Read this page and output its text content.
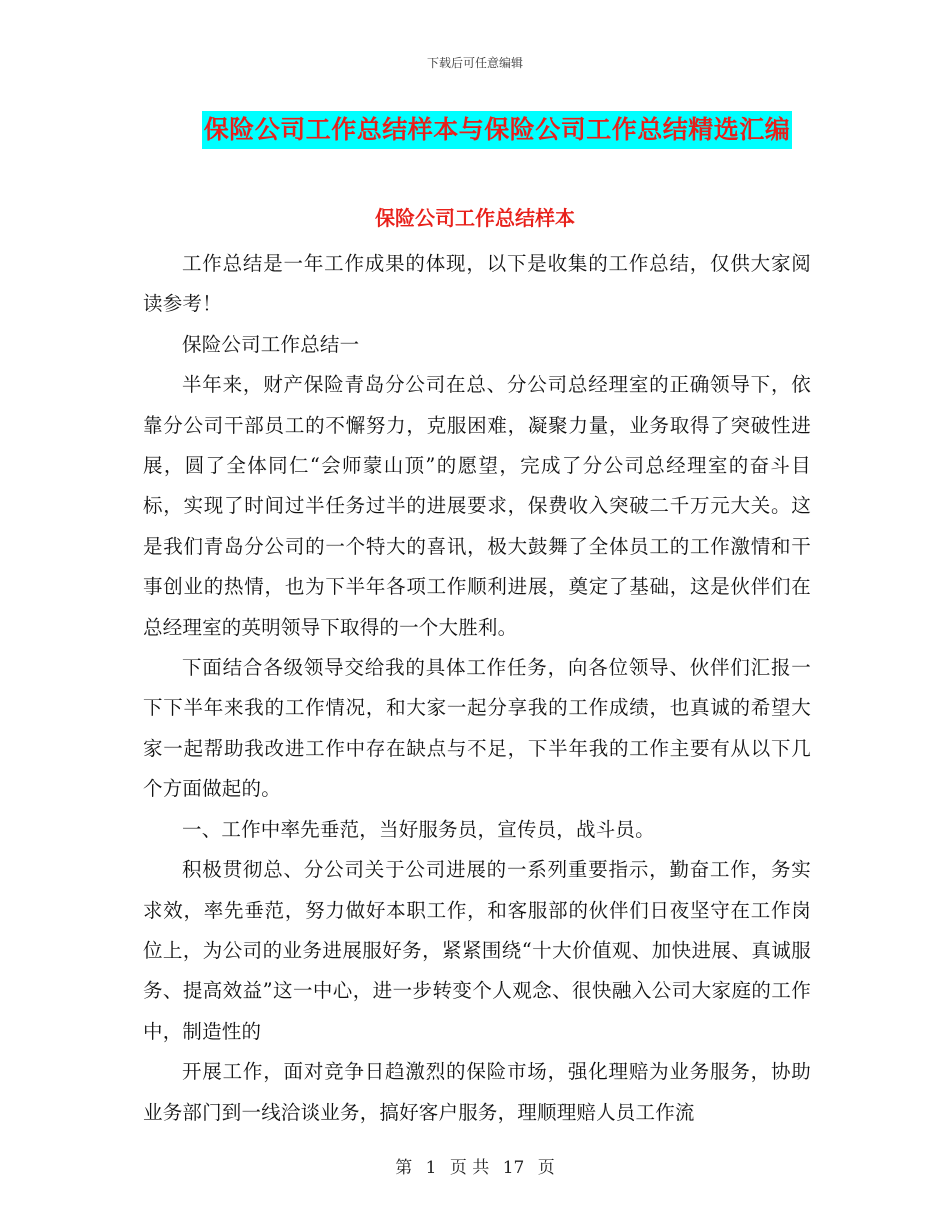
下载后可任意编辑
保险公司工作总结样本与保险公司工作总结精选汇编
保险公司工作总结样本

工作总结是一年工作成果的体现，以下是收集的工作总结，仅供大家阅读参考！

保险公司工作总结一

半年来，财产保险青岛分公司在总、分公司总经理室的正确领导下，依靠分公司干部员工的不懈努力，克服困难，凝聚力量，业务取得了突破性进展，圆了全体同仁“会师蒙山顶”的愿望，完成了分公司总经理室的奋斗目标，实现了时间过半任务过半的进展要求，保费收入突破二千万元大关。这是我们青岛分公司的一个特大的喜讯，极大鼓舞了全体员工的工作激情和干事创业的热情，也为下半年各项工作顺利进展，奠定了基础，这是伙伴们在总经理室的英明领导下取得的一个大胜利。

下面结合各级领导交给我的具体工作任务，向各位领导、伙伴们汇报一下下半年来我的工作情况，和大家一起分享我的工作成绩，也真诚的希望大家一起帮助我改进工作中存在缺点与不足，下半年我的工作主要有从以下几个方面做起的。

一、工作中率先垂范，当好服务员，宣传员，战斗员。

积极贯彻总、分公司关于公司进展的一系列重要指示，勤奋工作，务实求效，率先垂范，努力做好本职工作，和客服部的伙伴们日夜坚守在工作岗位上，为公司的业务进展服好务，紧紧围绕“十大价值观、加快进展、真诚服务、提高效益”这一中心，进一步转变个人观念、很快融入公司大家庭的工作中，制造性的

开展工作，面对竞争日趋激烈的保险市场，强化理赔为业务服务，协助业务部门到一线洽谈业务，搞好客户服务，理顺理赔人员工作流

第 1 页 共 17 页
